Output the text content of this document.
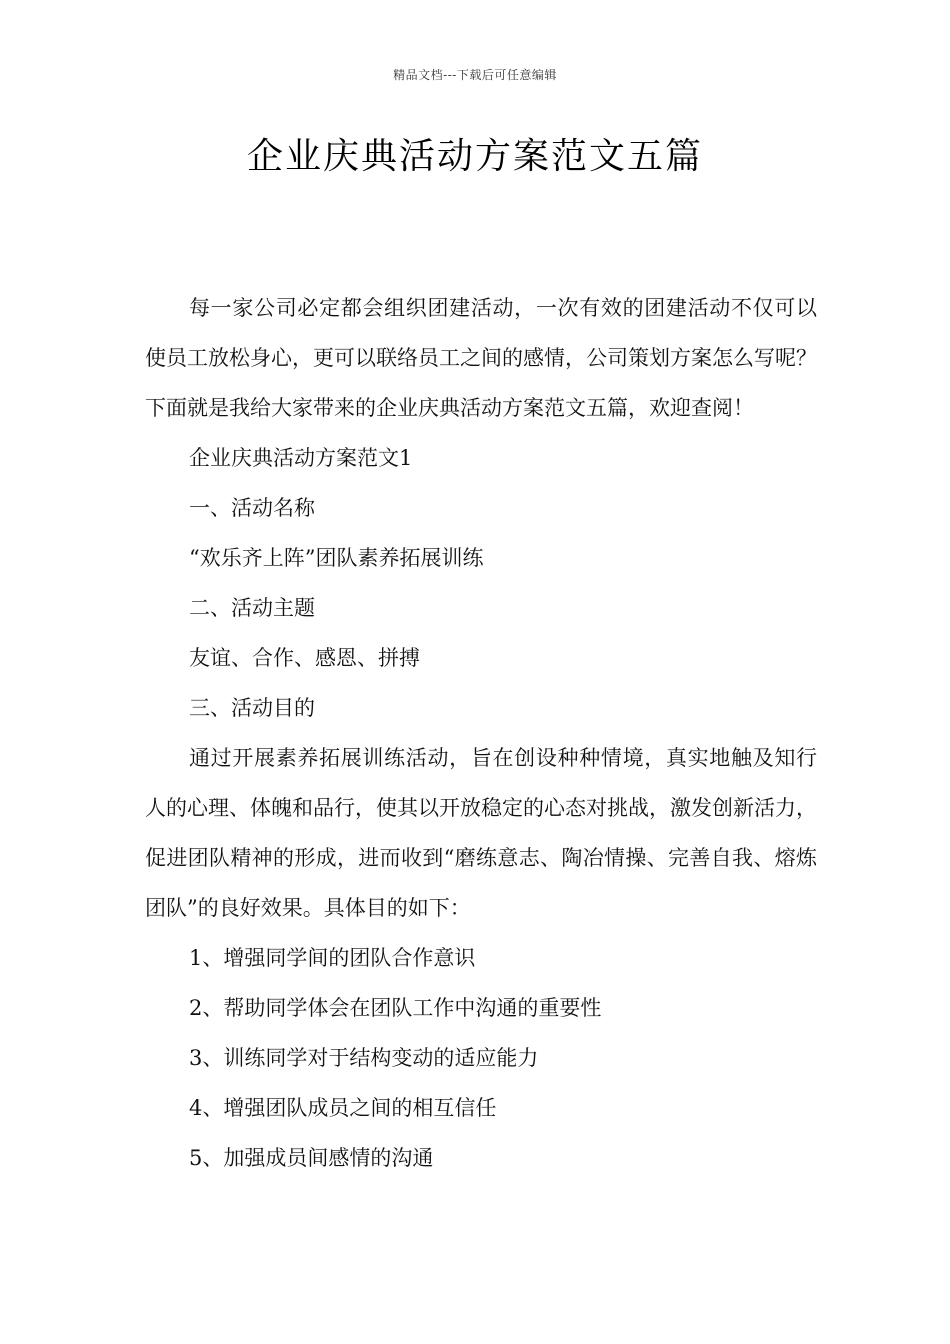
精品文档---下载后可任意编辑
企业庆典活动方案范文五篇

每一家公司必定都会组织团建活动，一次有效的团建活动不仅可以使员工放松身心，更可以联络员工之间的感情，公司策划方案怎么写呢？下面就是我给大家带来的企业庆典活动方案范文五篇，欢迎查阅！

企业庆典活动方案范文1

一、活动名称

“欢乐齐上阵”团队素养拓展训练

二、活动主题

友谊、合作、感恩、拼搏

三、活动目的

通过开展素养拓展训练活动，旨在创设种种情境，真实地触及知行人的心理、体魄和品行，使其以开放稳定的心态对挑战，激发创新活力，促进团队精神的形成，进而收到“磨练意志、陶冶情操、完善自我、熔炼团队”的良好效果。具体目的如下：

1、增强同学间的团队合作意识

2、帮助同学体会在团队工作中沟通的重要性

3、训练同学对于结构变动的适应能力

4、增强团队成员之间的相互信任

5、加强成员间感情的沟通
